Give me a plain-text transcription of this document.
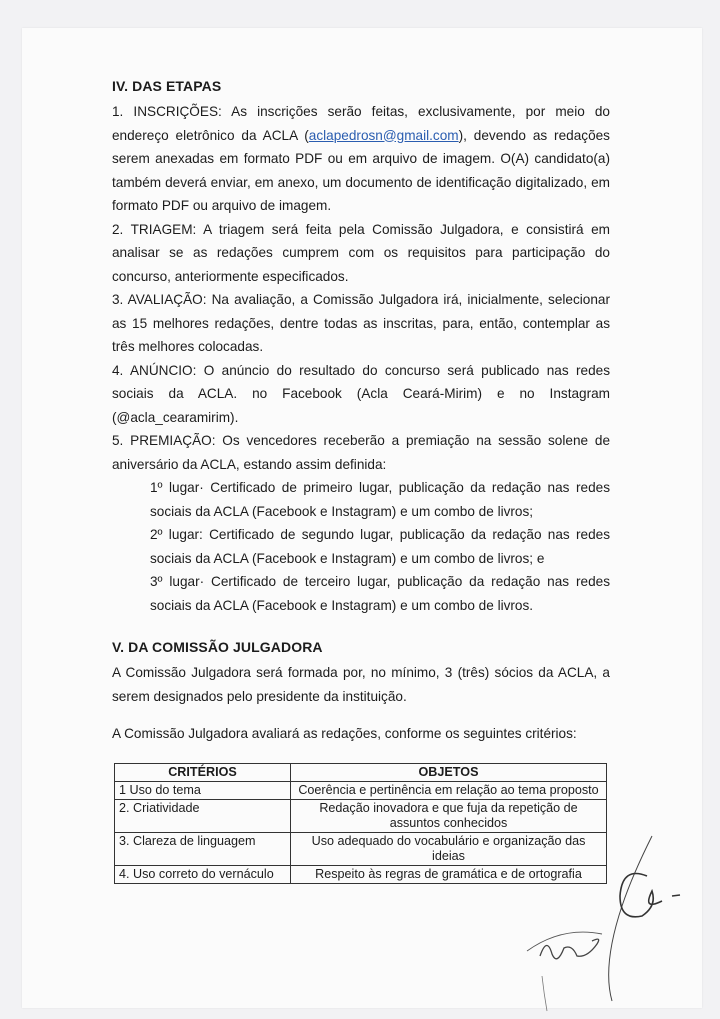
IV. DAS ETAPAS

1. INSCRIÇÕES: As inscrições serão feitas, exclusivamente, por meio do endereço eletrônico da ACLA (aclapedrosn@gmail.com), devendo as redações serem anexadas em formato PDF ou em arquivo de imagem. O(A) candidato(a) também deverá enviar, em anexo, um documento de identificação digitalizado, em formato PDF ou arquivo de imagem.

2. TRIAGEM: A triagem será feita pela Comissão Julgadora, e consistirá em analisar se as redações cumprem com os requisitos para participação do concurso, anteriormente especificados.

3. AVALIAÇÃO: Na avaliação, a Comissão Julgadora irá, inicialmente, selecionar as 15 melhores redações, dentre todas as inscritas, para, então, contemplar as três melhores colocadas.

4. ANÚNCIO: O anúncio do resultado do concurso será publicado nas redes sociais da ACLA. no Facebook (Acla Ceará-Mirim) e no Instagram (@acla_cearamirim).

5. PREMIAÇÃO: Os vencedores receberão a premiação na sessão solene de aniversário da ACLA, estando assim definida:

1º lugar· Certificado de primeiro lugar, publicação da redação nas redes sociais da ACLA (Facebook e Instagram) e um combo de livros;

2º lugar: Certificado de segundo lugar, publicação da redação nas redes sociais da ACLA (Facebook e Instagram) e um combo de livros; e

3º lugar· Certificado de terceiro lugar, publicação da redação nas redes sociais da ACLA (Facebook e Instagram) e um combo de livros.

V. DA COMISSÃO JULGADORA

A Comissão Julgadora será formada por, no mínimo, 3 (três) sócios da ACLA, a serem designados pelo presidente da instituição.

A Comissão Julgadora avaliará as redações, conforme os seguintes critérios:

CRITÉRIOS	OBJETOS
1 Uso do tema	Coerência e pertinência em relação ao tema proposto
2. Criatividade	Redação inovadora e que fuja da repetição de assuntos conhecidos
3. Clareza de linguagem	Uso adequado do vocabulário e organização das ideias
4. Uso correto do vernáculo	Respeito às regras de gramática e de ortografia
